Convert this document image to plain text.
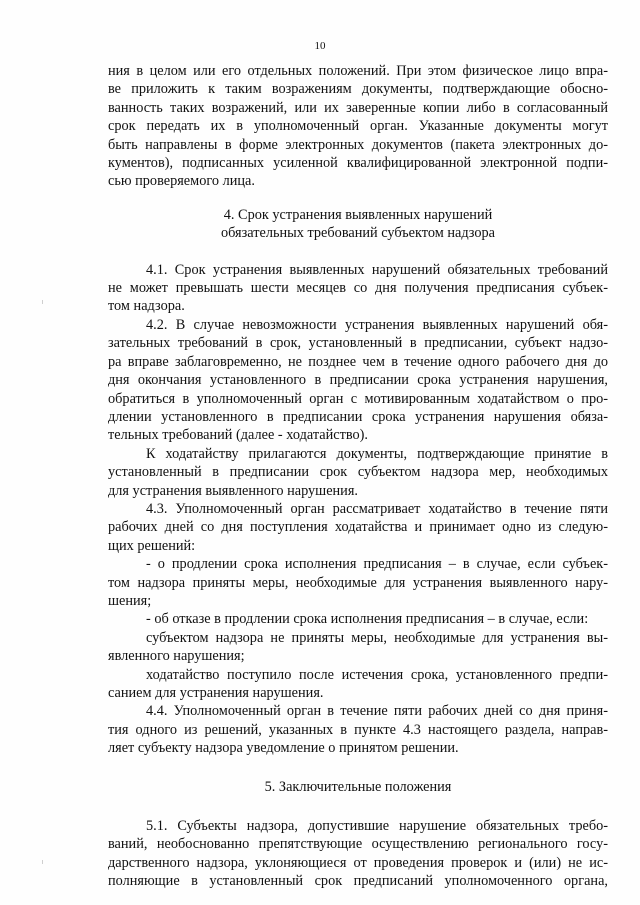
10

ния в целом или его отдельных положений. При этом физическое лицо впра-

ве приложить к таким возражениям документы, подтверждающие обосно-

ванность таких возражений, или их заверенные копии либо в согласованный

срок передать их в уполномоченный орган. Указанные документы могут

быть направлены в форме электронных документов (пакета электронных до-

кументов), подписанных усиленной квалифицированной электронной подпи-

сью проверяемого лица.

4. Срок устранения выявленных нарушений
обязательных требований субъектом надзора

4.1. Срок устранения выявленных нарушений обязательных требований

не может превышать шести месяцев со дня получения предписания субъек-

том надзора.

4.2. В случае невозможности устранения выявленных нарушений обя-

зательных требований в срок, установленный в предписании, субъект надзо-

ра вправе заблаговременно, не позднее чем в течение одного рабочего дня до

дня окончания установленного в предписании срока устранения нарушения,

обратиться в уполномоченный орган с мотивированным ходатайством о про-

длении установленного в предписании срока устранения нарушения обяза-

тельных требований (далее - ходатайство).

К ходатайству прилагаются документы, подтверждающие принятие в

установленный в предписании срок субъектом надзора мер, необходимых

для устранения выявленного нарушения.

4.3. Уполномоченный орган рассматривает ходатайство в течение пяти

рабочих дней со дня поступления ходатайства и принимает одно из следую-

щих решений:

- о продлении срока исполнения предписания – в случае, если субъек-

том надзора приняты меры, необходимые для устранения выявленного нару-

шения;

- об отказе в продлении срока исполнения предписания – в случае, если:

субъектом надзора не приняты меры, необходимые для устранения вы-

явленного нарушения;

ходатайство поступило после истечения срока, установленного предпи-

санием для устранения нарушения.

4.4. Уполномоченный орган в течение пяти рабочих дней со дня приня-

тия одного из решений, указанных в пункте 4.3 настоящего раздела, направ-

ляет субъекту надзора уведомление о принятом решении.

5. Заключительные положения

5.1. Субъекты надзора, допустившие нарушение обязательных требо-

ваний, необоснованно препятствующие осуществлению регионального госу-

дарственного надзора, уклоняющиеся от проведения проверок и (или) не ис-

полняющие в установленный срок предписаний уполномоченного органа,
